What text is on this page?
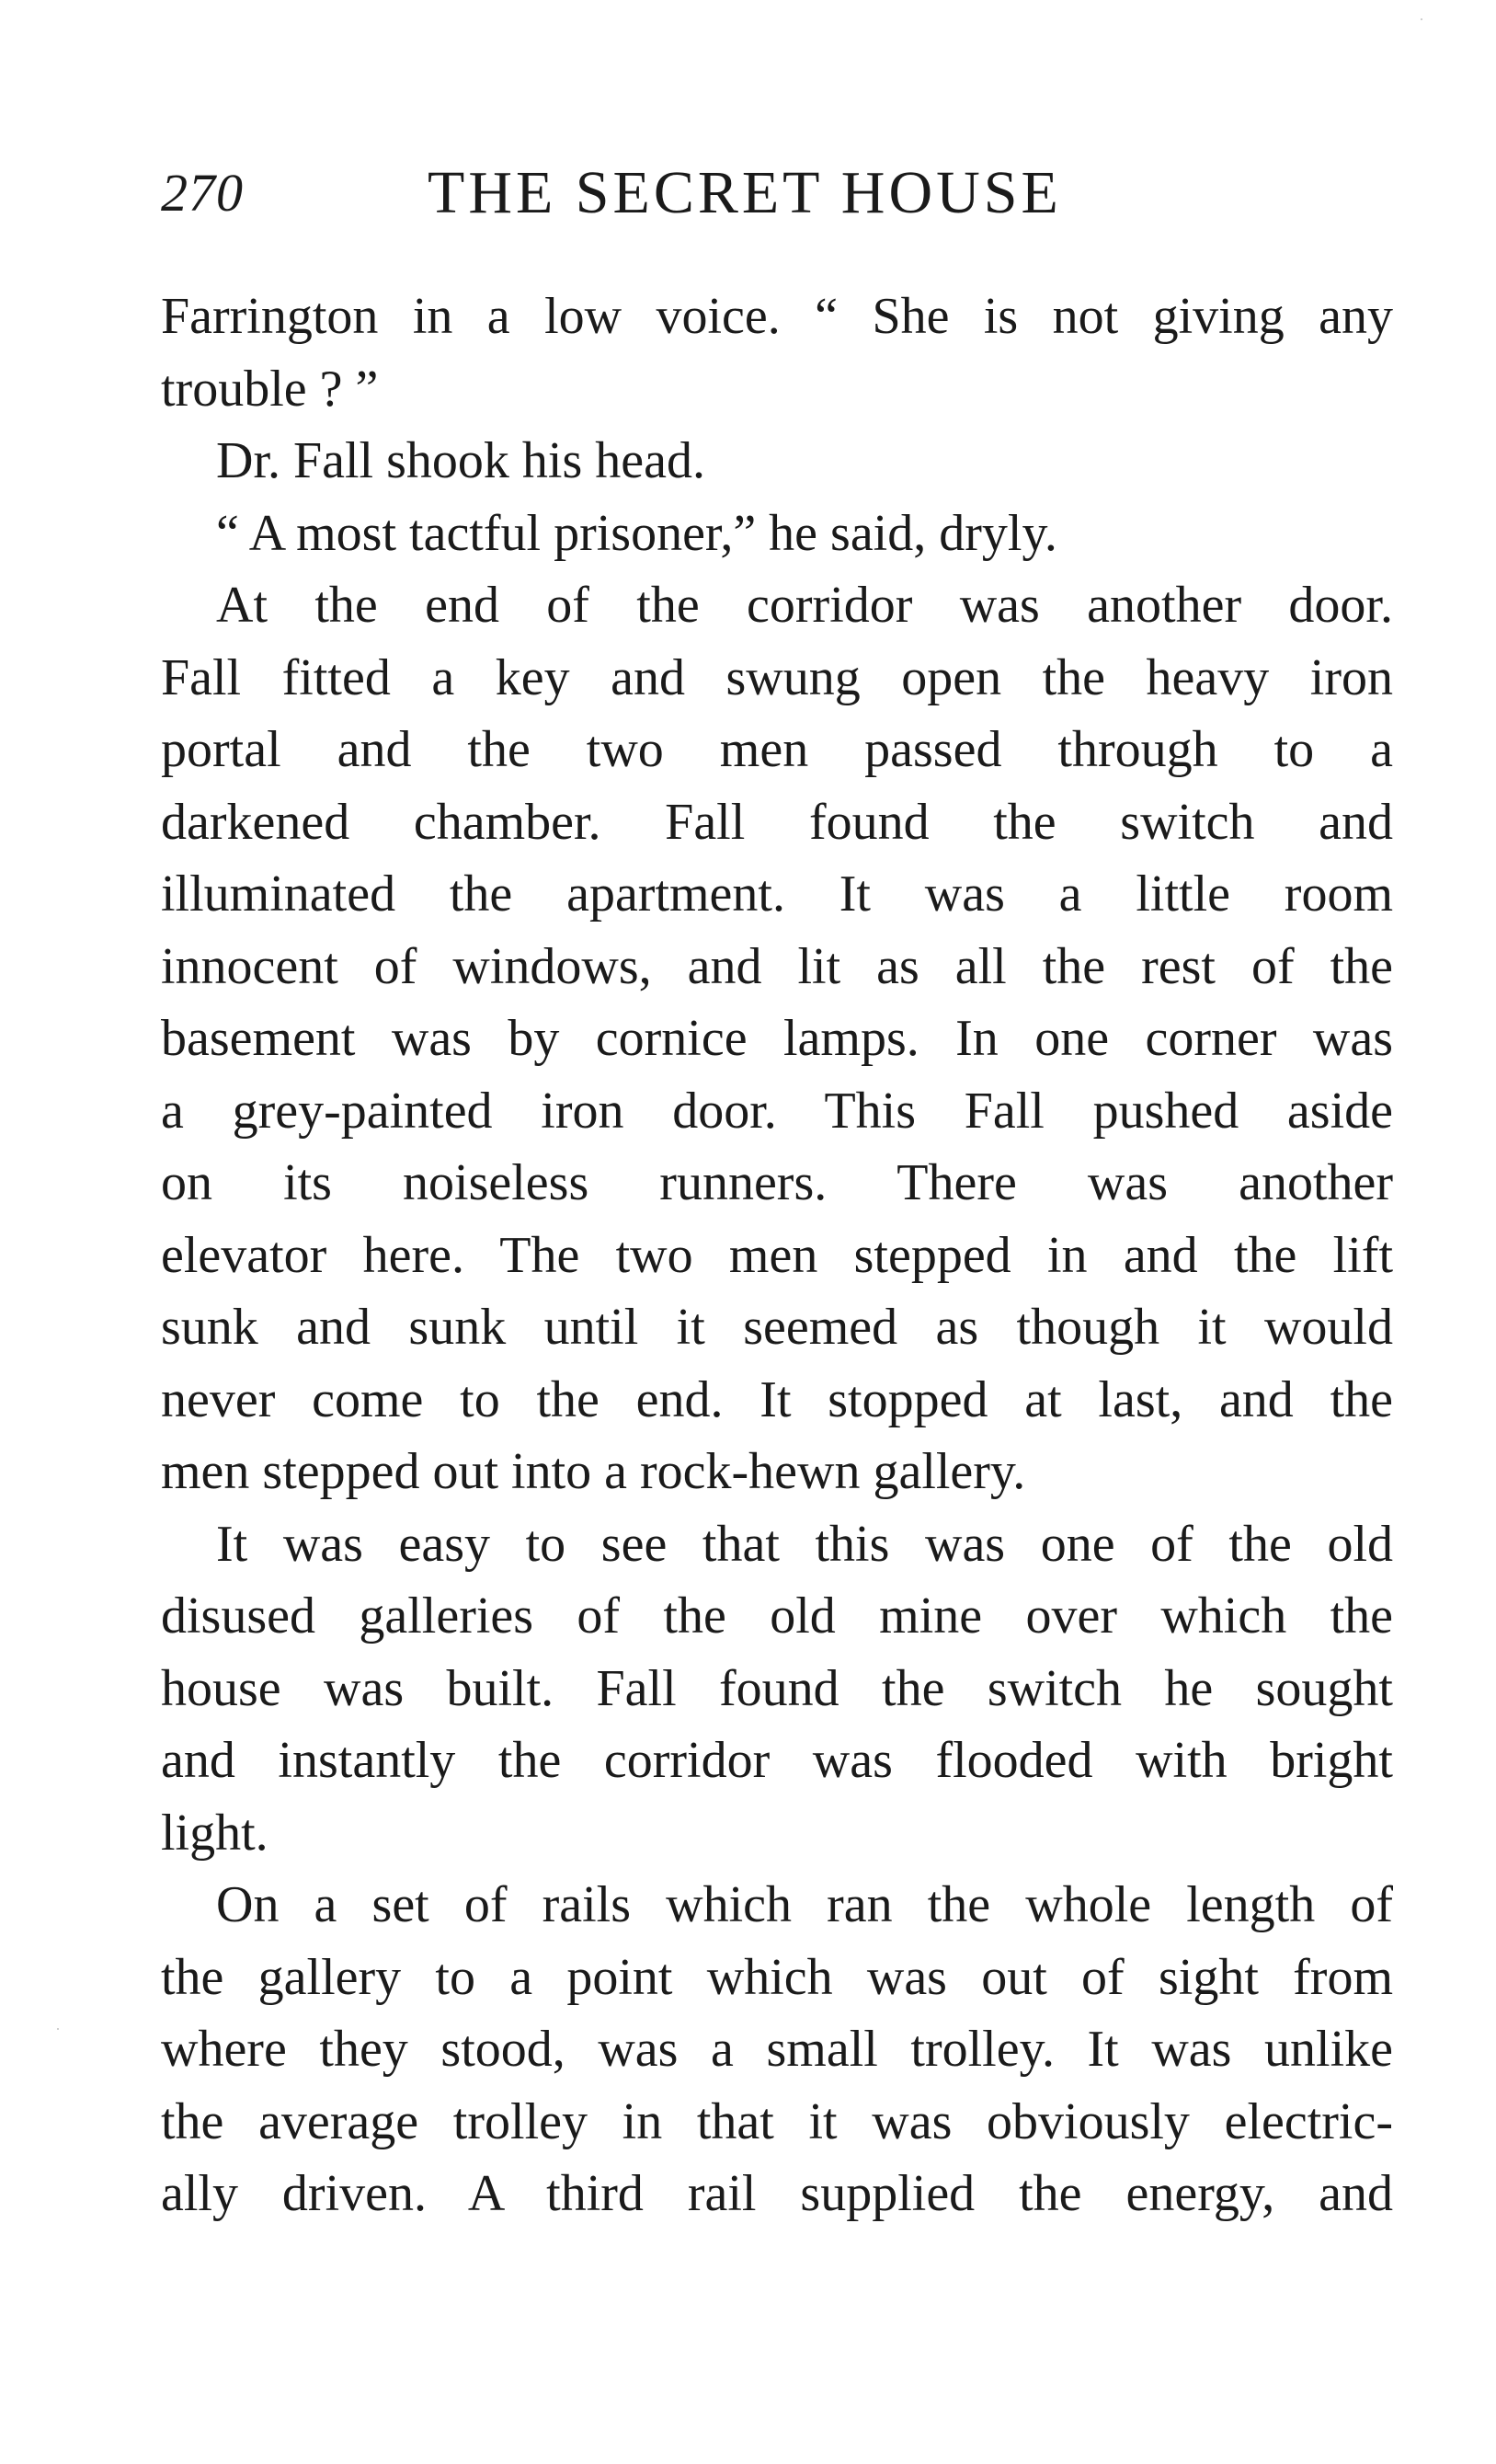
270	THE SECRET HOUSE
Farrington in a low voice. “ She is not giving any
trouble ? ”
Dr. Fall shook his head.
“ A most tactful prisoner,” he said, dryly.
At the end of the corridor was another door.
Fall fitted a key and swung open the heavy iron
portal and the two men passed through to a
darkened chamber. Fall found the switch and
illuminated the apartment. It was a little room
innocent of windows, and lit as all the rest of the
basement was by cornice lamps. In one corner was
a grey-painted iron door. This Fall pushed aside
on its noiseless runners. There was another
elevator here. The two men stepped in and the lift
sunk and sunk until it seemed as though it would
never come to the end. It stopped at last, and the
men stepped out into a rock-hewn gallery.
It was easy to see that this was one of the old
disused galleries of the old mine over which the
house was built. Fall found the switch he sought
and instantly the corridor was flooded with bright
light.
On a set of rails which ran the whole length of
the gallery to a point which was out of sight from
where they stood, was a small trolley. It was unlike
the average trolley in that it was obviously electric-
ally driven. A third rail supplied the energy, and
